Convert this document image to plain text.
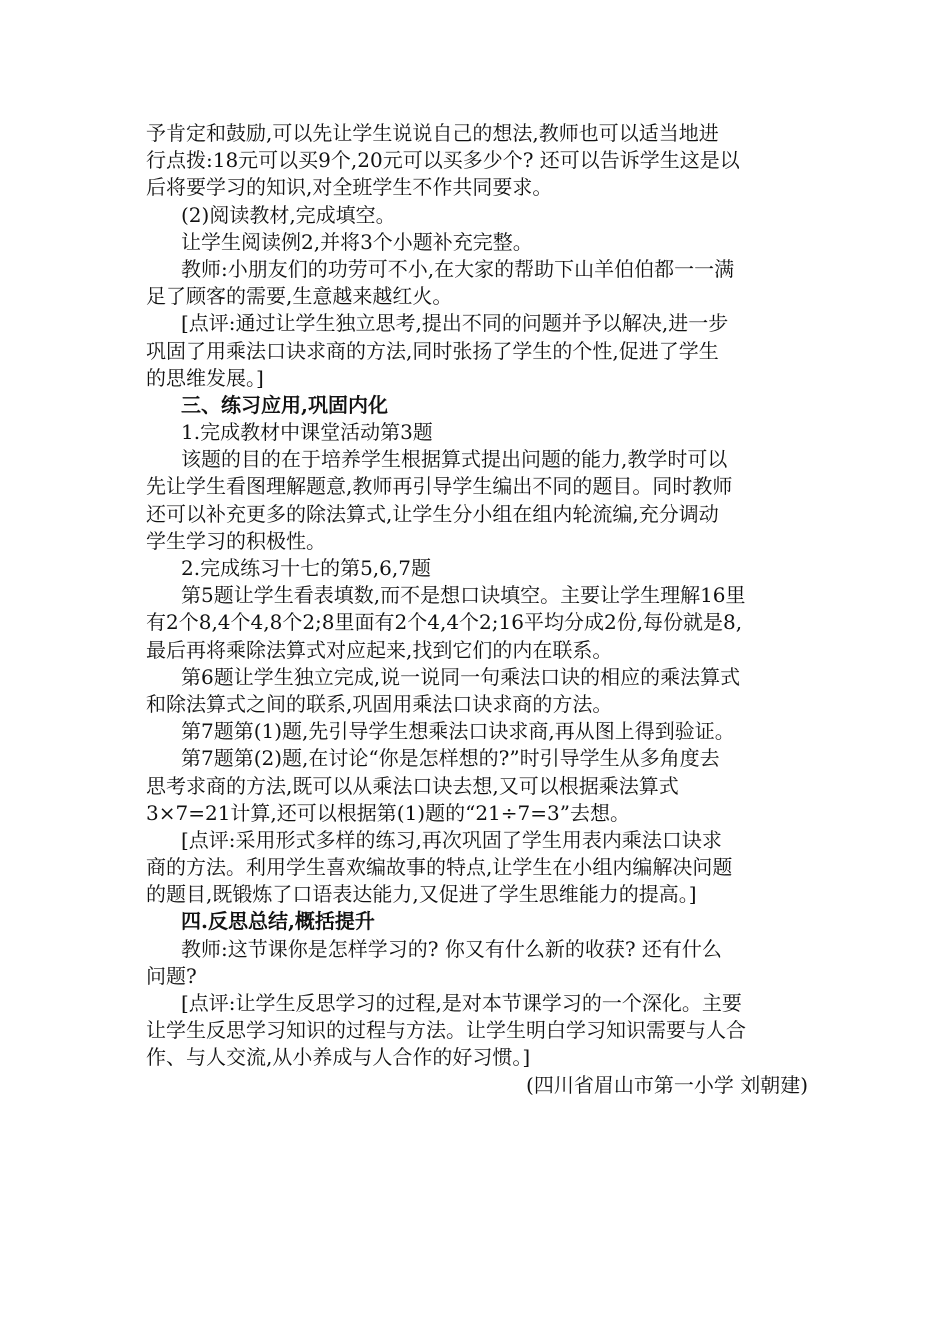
予肯定和鼓励,可以先让学生说说自己的想法,教师也可以适当地进
行点拨:18元可以买9个,20元可以买多少个? 还可以告诉学生这是以
后将要学习的知识,对全班学生不作共同要求。
(2)阅读教材,完成填空。
让学生阅读例2,并将3个小题补充完整。
教师:小朋友们的功劳可不小,在大家的帮助下山羊伯伯都一一满
足了顾客的需要,生意越来越红火。
[点评:通过让学生独立思考,提出不同的问题并予以解决,进一步
巩固了用乘法口诀求商的方法,同时张扬了学生的个性,促进了学生
的思维发展。]
三、练习应用,巩固内化
1.完成教材中课堂活动第3题
该题的目的在于培养学生根据算式提出问题的能力,教学时可以
先让学生看图理解题意,教师再引导学生编出不同的题目。同时教师
还可以补充更多的除法算式,让学生分小组在组内轮流编,充分调动
学生学习的积极性。
2.完成练习十七的第5,6,7题
第5题让学生看表填数,而不是想口诀填空。主要让学生理解16里
有2个8,4个4,8个2;8里面有2个4,4个2;16平均分成2份,每份就是8,
最后再将乘除法算式对应起来,找到它们的内在联系。
第6题让学生独立完成,说一说同一句乘法口诀的相应的乘法算式
和除法算式之间的联系,巩固用乘法口诀求商的方法。
第7题第(1)题,先引导学生想乘法口诀求商,再从图上得到验证。
第7题第(2)题,在讨论“你是怎样想的?”时引导学生从多角度去
思考求商的方法,既可以从乘法口诀去想,又可以根据乘法算式
3×7=21计算,还可以根据第(1)题的“21÷7=3”去想。
[点评:采用形式多样的练习,再次巩固了学生用表内乘法口诀求
商的方法。利用学生喜欢编故事的特点,让学生在小组内编解决问题
的题目,既锻炼了口语表达能力,又促进了学生思维能力的提高。]
四.反思总结,概括提升
教师:这节课你是怎样学习的? 你又有什么新的收获? 还有什么
问题?
[点评:让学生反思学习的过程,是对本节课学习的一个深化。主要
让学生反思学习知识的过程与方法。让学生明白学习知识需要与人合
作、与人交流,从小养成与人合作的好习惯。]
(四川省眉山市第一小学 刘朝建)
